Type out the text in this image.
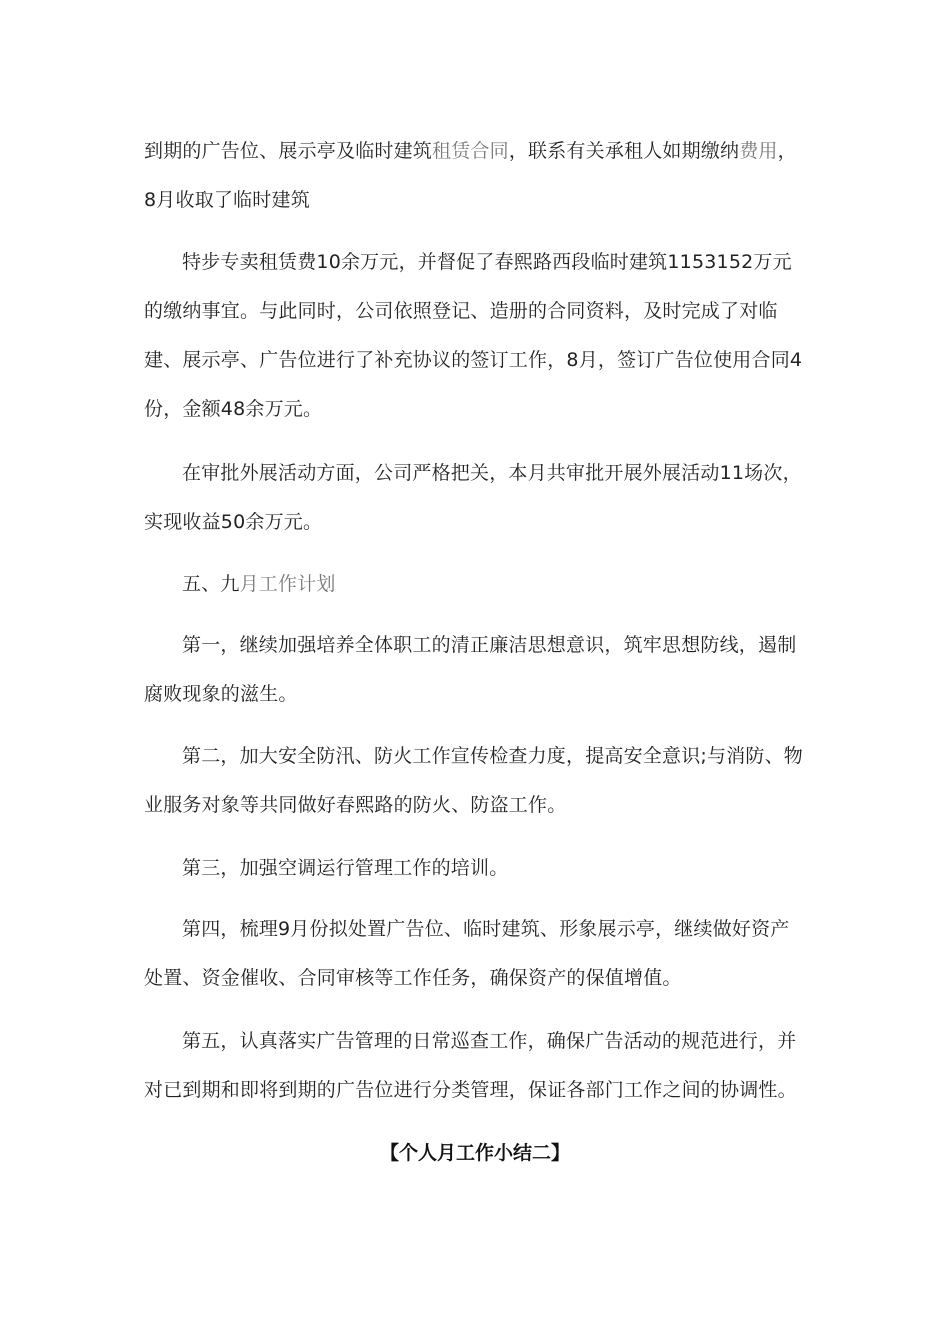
到期的广告位、展示亭及临时建筑租赁合同，联系有关承租人如期缴纳费用，8月收取了临时建筑

特步专卖租赁费10余万元，并督促了春熙路西段临时建筑1153152万元的缴纳事宜。与此同时，公司依照登记、造册的合同资料，及时完成了对临建、展示亭、广告位进行了补充协议的签订工作，8月，签订广告位使用合同4份，金额48余万元。

在审批外展活动方面，公司严格把关，本月共审批开展外展活动11场次，实现收益50余万元。

五、九月工作计划

第一，继续加强培养全体职工的清正廉洁思想意识，筑牢思想防线，遏制腐败现象的滋生。

第二，加大安全防汛、防火工作宣传检查力度，提高安全意识;与消防、物业服务对象等共同做好春熙路的防火、防盗工作。

第三，加强空调运行管理工作的培训。

第四，梳理9月份拟处置广告位、临时建筑、形象展示亭，继续做好资产处置、资金催收、合同审核等工作任务，确保资产的保值增值。

第五，认真落实广告管理的日常巡查工作，确保广告活动的规范进行，并对已到期和即将到期的广告位进行分类管理，保证各部门工作之间的协调性。

【个人月工作小结二】
